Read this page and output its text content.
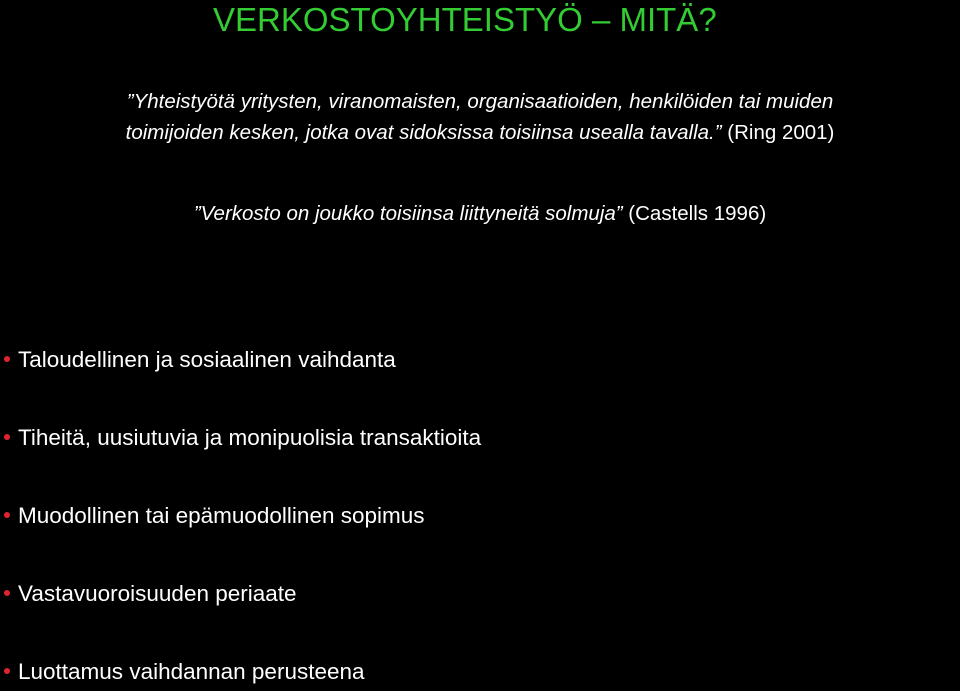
VERKOSTOYHTEISTYÖ – MITÄ?
”Yhteistyötä yritysten, viranomaisten, organisaatioiden, henkilöiden tai muiden
toimijoiden kesken, jotka ovat sidoksissa toisiinsa usealla tavalla.” (Ring 2001)
”Verkosto on joukko toisiinsa liittyneitä solmuja” (Castells 1996)
Taloudellinen ja sosiaalinen vaihdanta
Tiheitä, uusiutuvia ja monipuolisia transaktioita
Muodollinen tai epämuodollinen sopimus
Vastavuoroisuuden periaate
Luottamus vaihdannan perusteena
